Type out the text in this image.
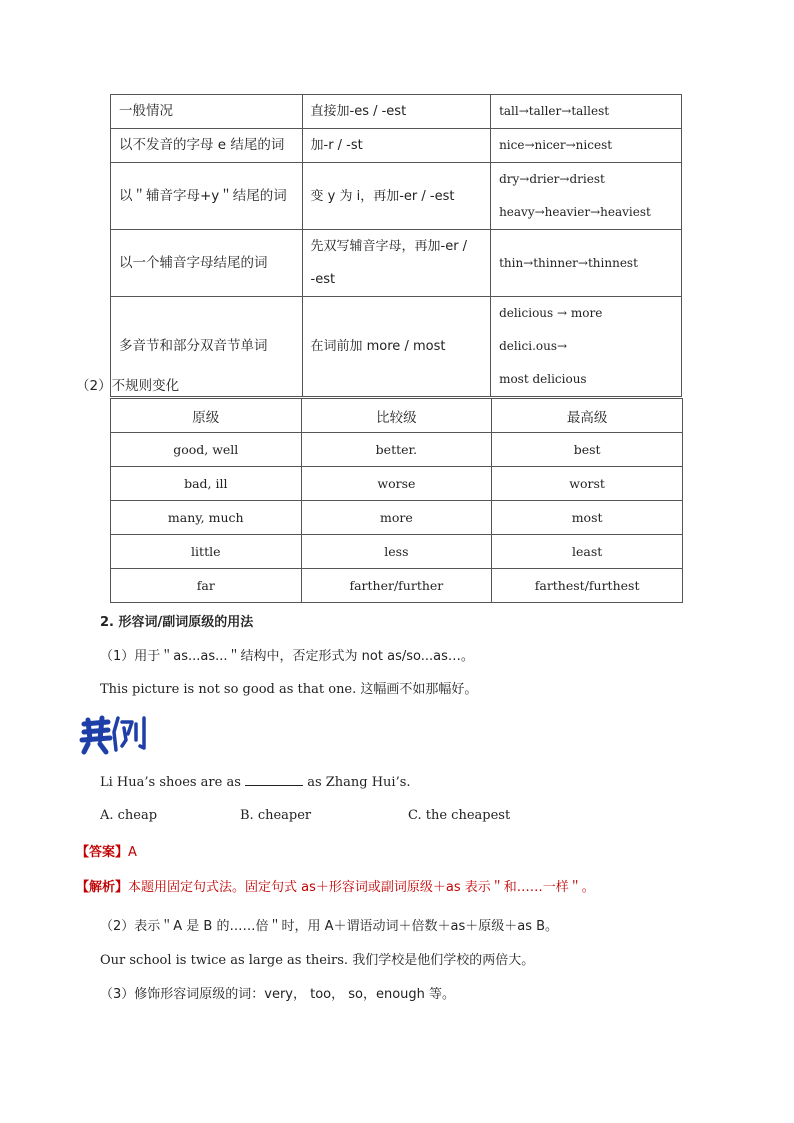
一般情况	直接加-es / -est	tall→taller→tallest
以不发音的字母 e 结尾的词	加-r / -st	nice→nicer→nicest
以＂辅音字母+y＂结尾的词	变 y 为 i，再加-er / -est	dry→drier→driest
heavy→heavier→heaviest

以一个辅音字母结尾的词	先双写辅音字母，再加-er /
-est	thin→thinner→thinnest
多音节和部分双音节单词	在词前加 more / most	delicious → more delici.ous→
most delicious
（2）不规则变化
原级	比较级	最高级
good, well	better.	best
bad, ill	worse	worst
many, much	more	most
little	less	least
far	farther/further	farthest/furthest
2. 形容词/副词原级的用法
（1）用于＂as...as...＂结构中，否定形式为 not as/so...as…。
This picture is not so good as that one. 这幅画不如那幅好。
Li Hua’s shoes are as	as Zhang Hui’s.
A. cheap	B. cheaper	C. the cheapest
【答案】A
【解析】本题用固定句式法。固定句式 as＋形容词或副词原级＋as 表示＂和……一样＂。
（2）表示＂A 是 B 的……倍＂时，用 A＋谓语动词＋倍数＋as＋原级＋as B。
Our school is twice as large as theirs. 我们学校是他们学校的两倍大。
（3）修饰形容词原级的词：very， too， so，enough 等。
